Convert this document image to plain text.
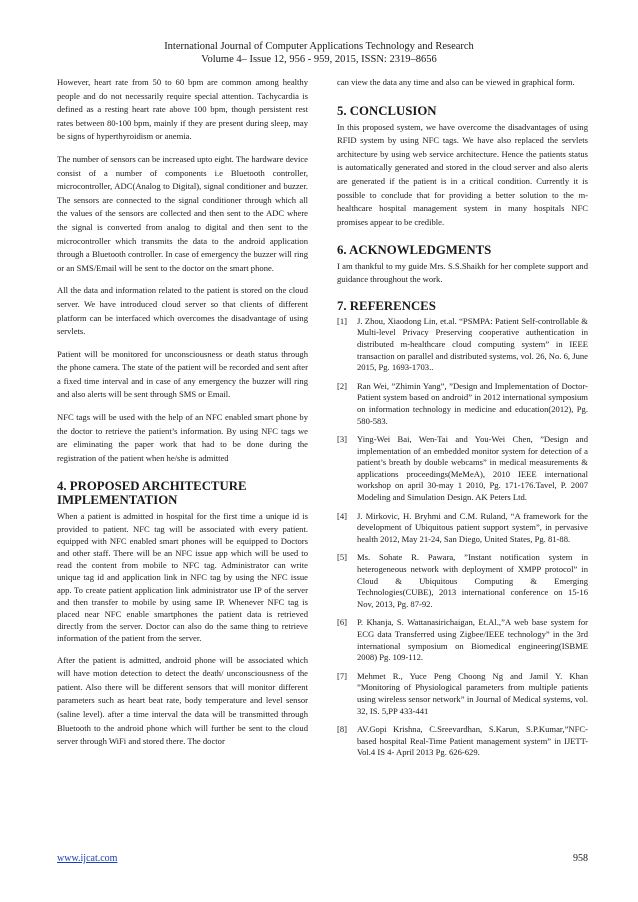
International Journal of Computer Applications Technology and Research
Volume 4– Issue 12, 956 - 959, 2015, ISSN: 2319–8656

However, heart rate from 50 to 60 bpm are common among healthy people and do not necessarily require special attention. Tachycardia is defined as a resting heart rate above 100 bpm, though persistent rest rates between 80-100 bpm, mainly if they are present during sleep, may be signs of hyperthyroidism or anemia.

The number of sensors can be increased upto eight. The hardware device consist of a number of components i.e Bluetooth controller, microcontroller, ADC(Analog to Digital), signal conditioner and buzzer. The sensors are connected to the signal conditioner through which all the values of the sensors are collected and then sent to the ADC where the signal is converted from analog to digital and then sent to the microcontroller which transmits the data to the android application through a Bluetooth controller. In case of emergency the buzzer will ring or an SMS/Email will be sent to the doctor on the smart phone.

All the data and information related to the patient is stored on the cloud server. We have introduced cloud server so that clients of different platform can be interfaced which overcomes the disadvantage of using servlets.

Patient will be monitored for unconsciousness or death status through the phone camera. The state of the patient will be recorded and sent after a fixed time interval and in case of any emergency the buzzer will ring and also alerts will be sent through SMS or Email.

NFC tags will be used with the help of an NFC enabled smart phone by the doctor to retrieve the patient’s information. By using NFC tags we are eliminating the paper work that had to be done during the registration of the patient when he/she is admitted

4. PROPOSED ARCHITECTURE IMPLEMENTATION

When a patient is admitted in hospital for the first time a unique id is provided to patient. NFC tag will be associated with every patient. equipped with NFC enabled smart phones will be equipped to Doctors and other staff. There will be an NFC issue app which will be used to read the content from mobile to NFC tag. Administrator can write unique tag id and application link in NFC tag by using the NFC issue app. To create patient application link administrator use IP of the server and then transfer to mobile by using same IP. Whenever NFC tag is placed near NFC enable smartphones the patient data is retrieved directly from the server. Doctor can also do the same thing to retrieve information of the patient from the server.

After the patient is admitted, android phone will be associated which will have motion detection to detect the death/ unconsciousness of the patient. Also there will be different sensors that will monitor different parameters such as heart beat rate, body temperature and level sensor (saline level). after a time interval the data will be transmitted through Bluetooth to the android phone which will further be sent to the cloud server through WiFi and stored there. The doctor

can view the data any time and also can be viewed in graphical form.

5. CONCLUSION

In this proposed system, we have overcome the disadvantages of using RFID system by using NFC tags. We have also replaced the servlets architecture by using web service architecture. Hence the patients status is automatically generated and stored in the cloud server and also alerts are generated if the patient is in a critical condition. Currently it is possible to conclude that for providing a better solution to the m-healthcare hospital management system in many hospitals NFC promises appear to be credible.

6. ACKNOWLEDGMENTS

I am thankful to my guide Mrs. S.S.Shaikh for her complete support and guidance throughout the work.

7. REFERENCES
[1] J. Zhou, Xiaodong Lin, et.al. “PSMPA: Patient Self-controllable & Multi-level Privacy Preserving cooperative authentication in distributed m-healthcare cloud computing system” in IEEE transaction on parallel and distributed systems, vol. 26, No. 6, June 2015, Pg. 1693-1703..
[2] Ran Wei, ”Zhimin Yang”, ”Design and Implementation of Doctor-Patient system based on android” in 2012 international symposium on information technology in medicine and education(2012), Pg. 580-583.
[3] Ying-Wei Bai, Wen-Tai and You-Wei Chen, ”Design and implementation of an embedded monitor system for detection of a patient’s breath by double webcams” in medical measurements & applications proceedings(MeMeA), 2010 IEEE international workshop on april 30-may 1 2010, Pg. 171-176.Tavel, P. 2007 Modeling and Simulation Design. AK Peters Ltd.
[4] J. Mirkovic, H. Bryhmi and C.M. Ruland, “A framework for the development of Ubiquitous patient support system”, in pervasive health 2012, May 21-24, San Diego, United States, Pg. 81-88.
[5] Ms. Sohate R. Pawara, ”Instant notification system in heterogeneous network with deployment of XMPP protocol” in Cloud & Ubiquitous Computing & Emerging Technologies(CUBE), 2013 international conference on 15-16 Nov, 2013, Pg. 87-92.
[6] P. Khanja, S. Wattanasirichaigan, Et.Al.,”A web base system for ECG data Transferred using Zigbee/IEEE technology” in the 3rd international symposium on Biomedical engineering(ISBME 2008) Pg. 109-112.
[7] Mehmet R., Yuce Peng Choong Ng and Jamil Y. Khan ”Monitoring of Physiological parameters from multiple patients using wireless sensor network” in Journal of Medical systems, vol. 32, IS. 5,PP 433-441
[8] AV.Gopi Krishna, C.Sreevardhan, S.Karun, S.P.Kumar,”NFC-based hospital Real-Time Patient management system” in IJETT- Vol.4 IS 4- April 2013 Pg. 626-629.
www.ijcat.com	958
